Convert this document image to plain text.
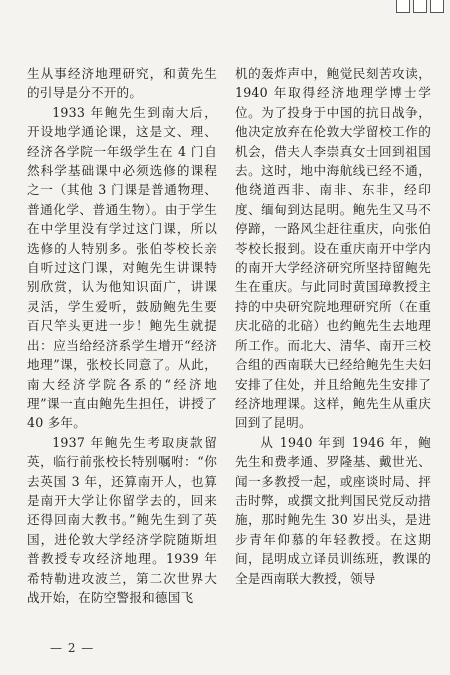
生从事经济地理研究，和黄先生的引导是分不开的。

1933 年鲍先生到南大后，开设地学通论课，这是文、理、经济各学院一年级学生在 4 门自然科学基础课中必须选修的课程之一（其他 3 门课是普通物理、普通化学、普通生物）。由于学生在中学里没有学过这门课，所以选修的人特别多。张伯苓校长亲自听过这门课，对鲍先生讲课特别欣赏，认为他知识面广，讲课灵活，学生爱听，鼓励鲍先生要百尺竿头更进一步！鲍先生就提出：应当给经济系学生增开“经济地理”课，张校长同意了。从此，南大经济学院各系的“经济地理”课一直由鲍先生担任，讲授了 40 多年。

1937 年鲍先生考取庚款留英，临行前张校长特别嘱咐：“你去英国 3 年，还算南开人，也算是南开大学让你留学去的，回来还得回南大教书。”鲍先生到了英国，进伦敦大学经济学院随斯坦普教授专攻经济地理。1939 年希特勒进攻波兰，第二次世界大战开始，在防空警报和德国飞

机的轰炸声中，鲍觉民刻苦攻读，1940 年取得经济地理学博士学位。为了投身于中国的抗日战争，他决定放弃在伦敦大学留校工作的机会，借夫人李崇真女士回到祖国去。这时，地中海航线已经不通，他绕道西非、南非、东非，经印度、缅甸到达昆明。鲍先生又马不停蹄，一路风尘赶往重庆，向张伯苓校长报到。设在重庆南开中学内的南开大学经济研究所坚持留鲍先生在重庆。与此同时黄国璋教授主持的中央研究院地理研究所（在重庆北碚的北碚）也约鲍先生去地理所工作。而北大、清华、南开三校合组的西南联大已经给鲍先生夫妇安排了住处，并且给鲍先生安排了经济地理课。这样，鲍先生从重庆回到了昆明。

从 1940 年到 1946 年，鲍先生和费孝通、罗隆基、戴世光、闻一多教授一起，或座谈时局、抨击时弊，或撰文批判国民党反动措施，那时鲍先生 30 岁出头，是进步青年仰慕的年轻教授。在这期间，昆明成立译员训练班，教课的全是西南联大教授，领导

— 2 —
